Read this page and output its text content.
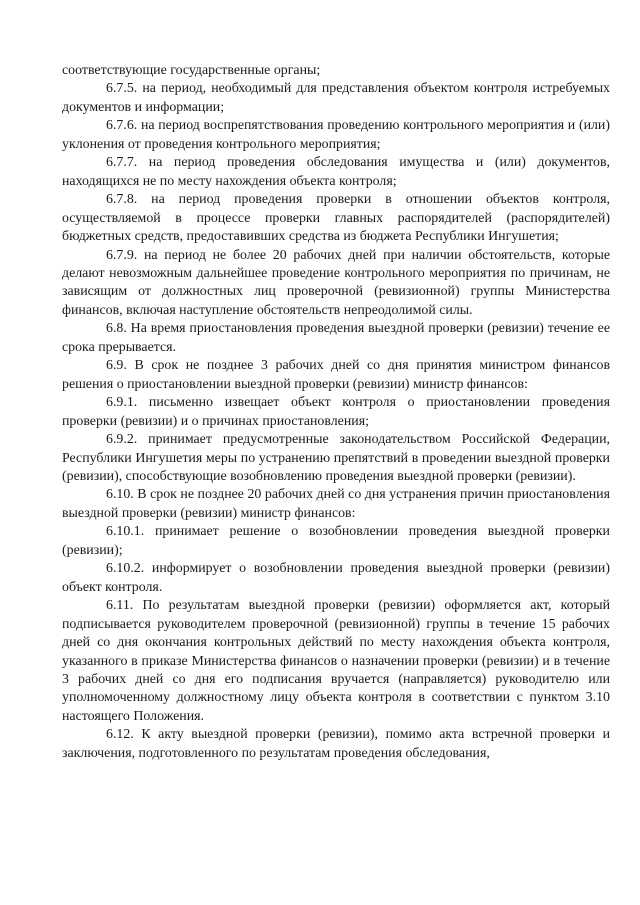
соответствующие государственные органы;

6.7.5. на период, необходимый для представления объектом контроля истребуемых документов и информации;

6.7.6. на период воспрепятствования проведению контрольного мероприятия и (или) уклонения от проведения контрольного мероприятия;

6.7.7. на период проведения обследования имущества и (или) документов, находящихся не по месту нахождения объекта контроля;

6.7.8. на период проведения проверки в отношении объектов контроля, осуществляемой в процессе проверки главных распорядителей (распорядителей) бюджетных средств, предоставивших средства из бюджета Республики Ингушетия;

6.7.9. на период не более 20 рабочих дней при наличии обстоятельств, которые делают невозможным дальнейшее проведение контрольного мероприятия по причинам, не зависящим от должностных лиц проверочной (ревизионной) группы Министерства финансов, включая наступление обстоятельств непреодолимой силы.

6.8. На время приостановления проведения выездной проверки (ревизии) течение ее срока прерывается.

6.9. В срок не позднее 3 рабочих дней со дня принятия министром финансов решения о приостановлении выездной проверки (ревизии) министр финансов:

6.9.1. письменно извещает объект контроля о приостановлении проведения проверки (ревизии) и о причинах приостановления;

6.9.2. принимает предусмотренные законодательством Российской Федерации, Республики Ингушетия меры по устранению препятствий в проведении выездной проверки (ревизии), способствующие возобновлению проведения выездной проверки (ревизии).

6.10. В срок не позднее 20 рабочих дней со дня устранения причин приостановления выездной проверки (ревизии) министр финансов:

6.10.1. принимает решение о возобновлении проведения выездной проверки (ревизии);

6.10.2. информирует о возобновлении проведения выездной проверки (ревизии) объект контроля.

6.11. По результатам выездной проверки (ревизии) оформляется акт, который подписывается руководителем проверочной (ревизионной) группы в течение 15 рабочих дней со дня окончания контрольных действий по месту нахождения объекта контроля, указанного в приказе Министерства финансов о назначении проверки (ревизии) и в течение 3 рабочих дней со дня его подписания вручается (направляется) руководителю или уполномоченному должностному лицу объекта контроля в соответствии с пунктом 3.10 настоящего Положения.

6.12. К акту выездной проверки (ревизии), помимо акта встречной проверки и заключения, подготовленного по результатам проведения обследования,
